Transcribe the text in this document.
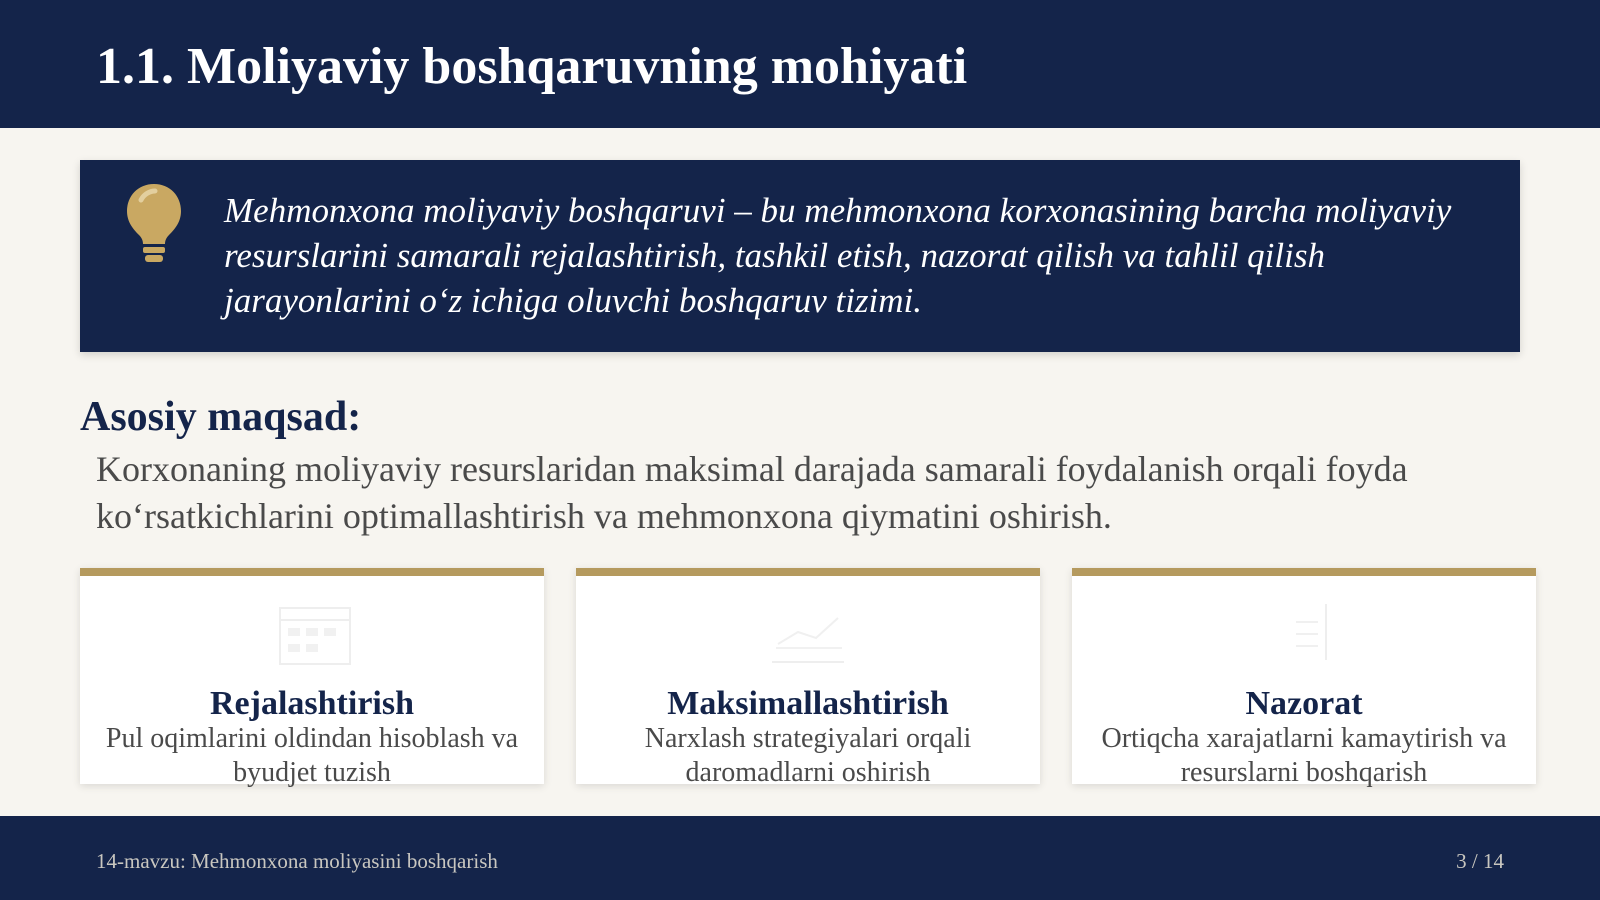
1.1. Moliyaviy boshqaruvning mohiyati

Mehmonxona moliyaviy boshqaruvi – bu mehmonxona korxonasining barcha moliyaviy resurslarini samarali rejalashtirish, tashkil etish, nazorat qilish va tahlil qilish jarayonlarini o‘z ichiga oluvchi boshqaruv tizimi.

Asosiy maqsad:

Korxonaning moliyaviy resurslaridan maksimal darajada samarali foydalanish orqali foyda ko‘rsatkichlarini optimallashtirish va mehmonxona qiymatini oshirish.

Rejalashtirish

Pul oqimlarini oldindan hisoblash va byudjet tuzish

Maksimallashtirish

Narxlash strategiyalari orqali daromadlarni oshirish

Nazorat

Ortiqcha xarajatlarni kamaytirish va resurslarni boshqarish

14-mavzu: Mehmonxona moliyasini boshqarish	3 / 14
